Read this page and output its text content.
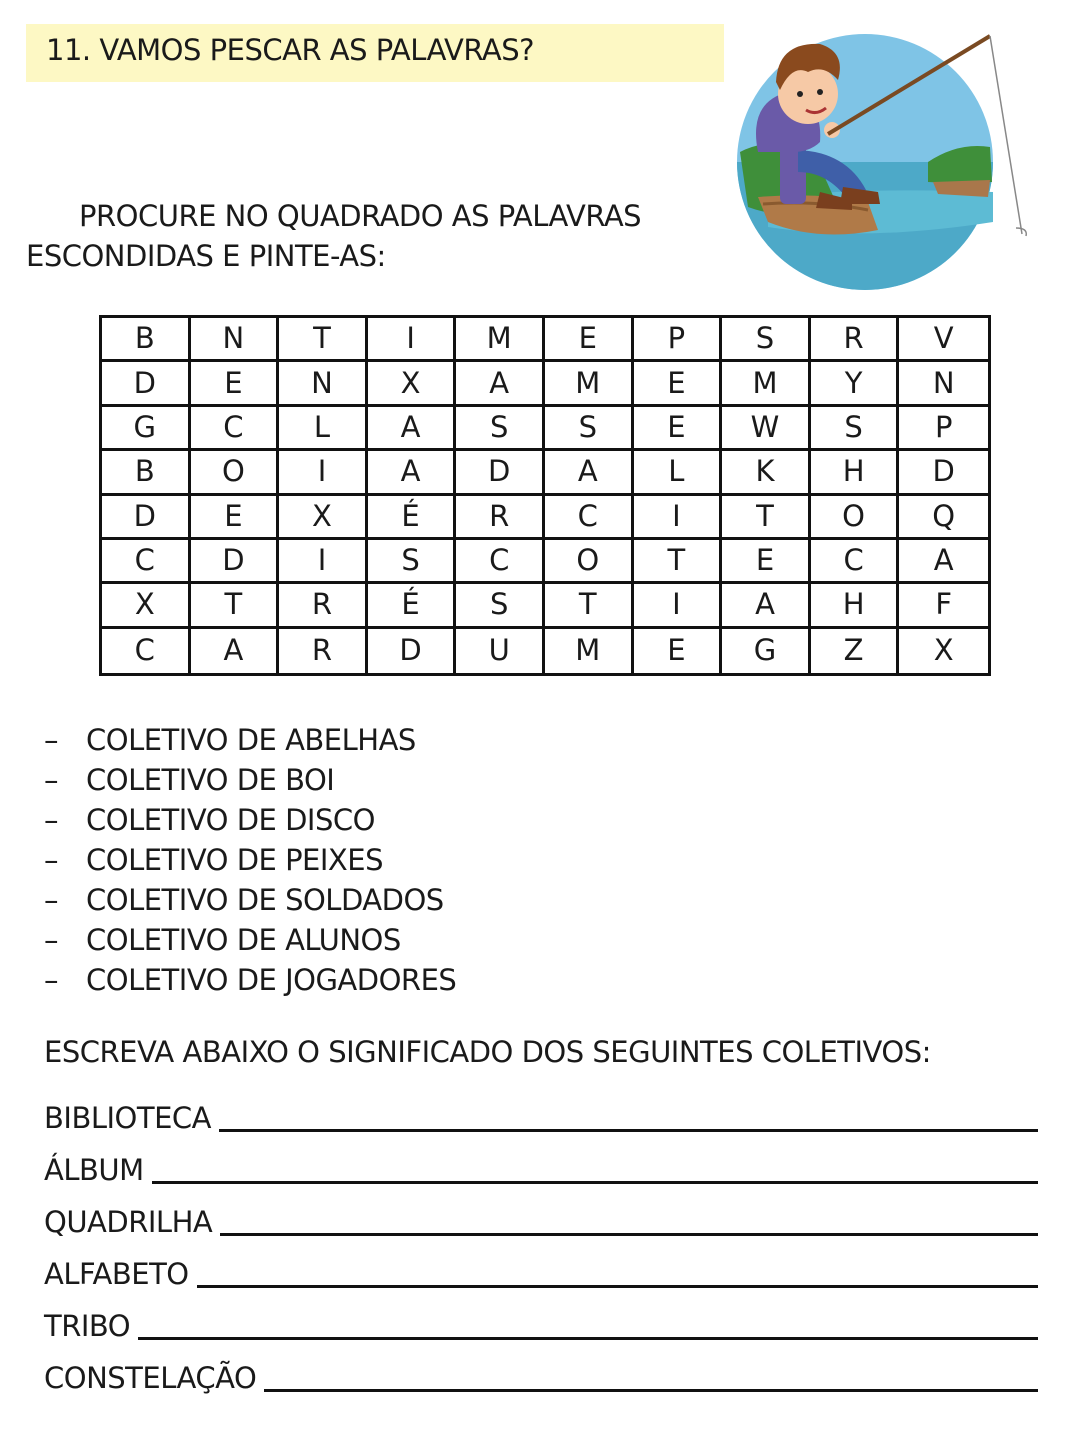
11. VAMOS PESCAR AS PALAVRAS?
PROCURE NO QUADRADO AS PALAVRAS
ESCONDIDAS E PINTE-AS:
B	N	T	I	M	E	P	S	R	V
D	E	N	X	A	M	E	M	Y	N
G	C	L	A	S	S	E	W	S	P
B	O	I	A	D	A	L	K	H	D
D	E	X	É	R	C	I	T	O	Q
C	D	I	S	C	O	T	E	C	A
X	T	R	É	S	T	I	A	H	F
C	A	R	D	U	M	E	G	Z	X
– COLETIVO DE ABELHAS
– COLETIVO DE BOI
– COLETIVO DE DISCO
– COLETIVO DE PEIXES
– COLETIVO DE SOLDADOS
– COLETIVO DE ALUNOS
– COLETIVO DE JOGADORES
ESCREVA ABAIXO O SIGNIFICADO DOS SEGUINTES COLETIVOS:
BIBLIOTECA
ÁLBUM
QUADRILHA
ALFABETO
TRIBO
CONSTELAÇÃO
